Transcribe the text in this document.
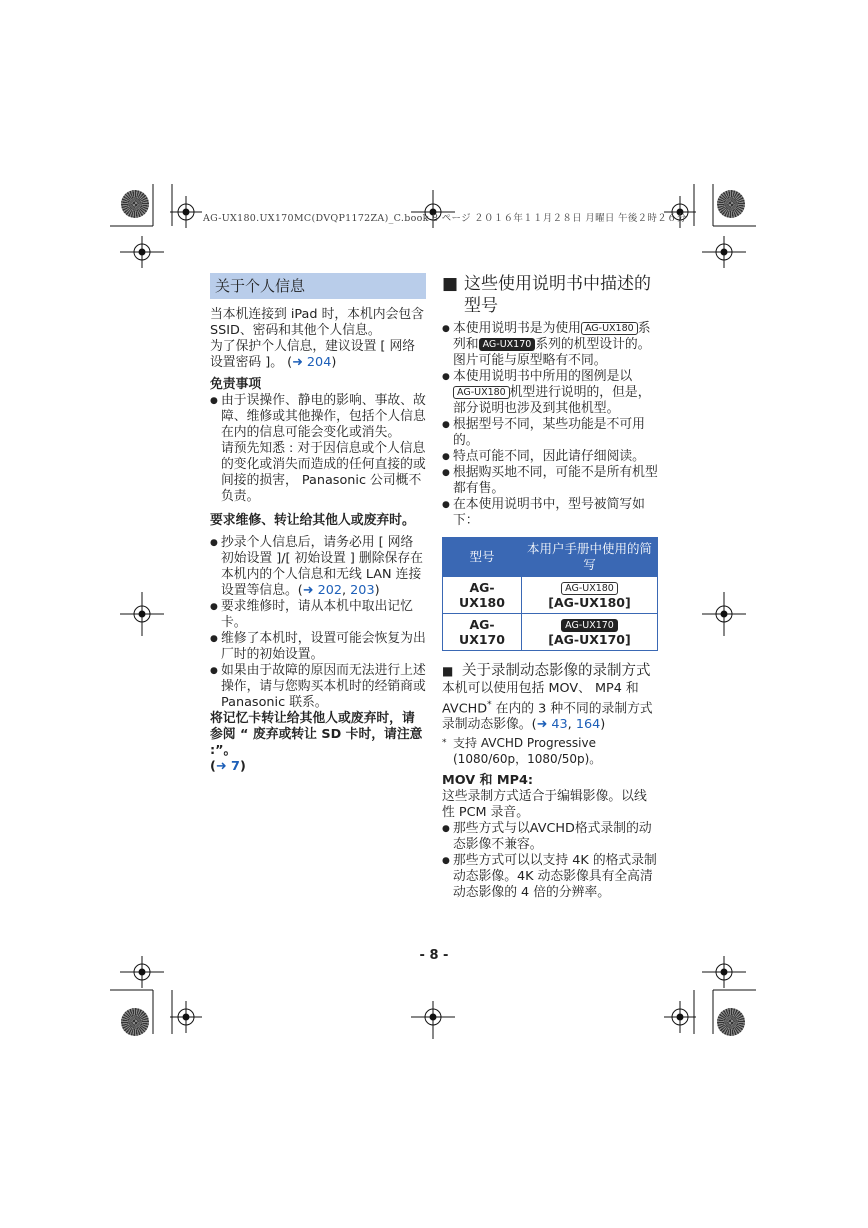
AG-UX180.UX170MC(DVQP1172ZA)_C.book 8 ページ ２０１６年１１月２８日 月曜日 午後２時２６分
关于个人信息

当本机连接到 iPad 时，本机内会包含 SSID、密码和其他个人信息。

为了保护个人信息，建议设置 [ 网络设置密码 ]。 (➜ 204)

免责事项

● 由于误操作、静电的影响、事故、故障、维修或其他操作，包括个人信息在内的信息可能会变化或消失。
请预先知悉 : 对于因信息或个人信息的变化或消失而造成的任何直接的或间接的损害， Panasonic 公司概不负责。

要求维修、转让给其他人或废弃时。

● 抄录个人信息后，请务必用 [ 网络初始设置 ]/[ 初始设置 ] 删除保存在本机内的个人信息和无线 LAN 连接设置等信息。(➜ 202, 203)
● 要求维修时，请从本机中取出记忆卡。
● 维修了本机时，设置可能会恢复为出厂时的初始设置。
● 如果由于故障的原因而无法进行上述操作，请与您购买本机时的经销商或 Panasonic 联系。

将记忆卡转让给其他人或废弃时，请参阅 “ 废弃或转让 SD 卡时，请注意 :”。
(➜ 7)

■ 这些使用说明书中描述的型号
● 本使用说明书是为使用 AG-UX180 系列和 AG-UX170 系列的机型设计的。图片可能与原型略有不同。
● 本使用说明书中所用的图例是以AG-UX180 机型进行说明的，但是，部分说明也涉及到其他机型。
● 根据型号不同，某些功能是不可用的。
● 特点可能不同，因此请仔细阅读。
● 根据购买地不同，可能不是所有机型都有售。
● 在本使用说明书中，型号被简写如下：
型号	本用户手册中使用的简写
AG-UX180	AG-UX180
[AG-UX180]
AG-UX170	AG-UX170
[AG-UX170]
■ 关于录制动态影像的录制方式

本机可以使用包括 MOV、 MP4 和 AVCHD* 在内的 3 种不同的录制方式录制动态影像。(➜ 43, 164)

* 支持 AVCHD Progressive (1080/60p，1080/50p)。

MOV 和 MP4:

这些录制方式适合于编辑影像。以线性 PCM 录音。

● 那些方式与以AVCHD格式录制的动态影像不兼容。
● 那些方式可以以支持 4K 的格式录制动态影像。4K 动态影像具有全高清动态影像的 4 倍的分辨率。
- 8 -
